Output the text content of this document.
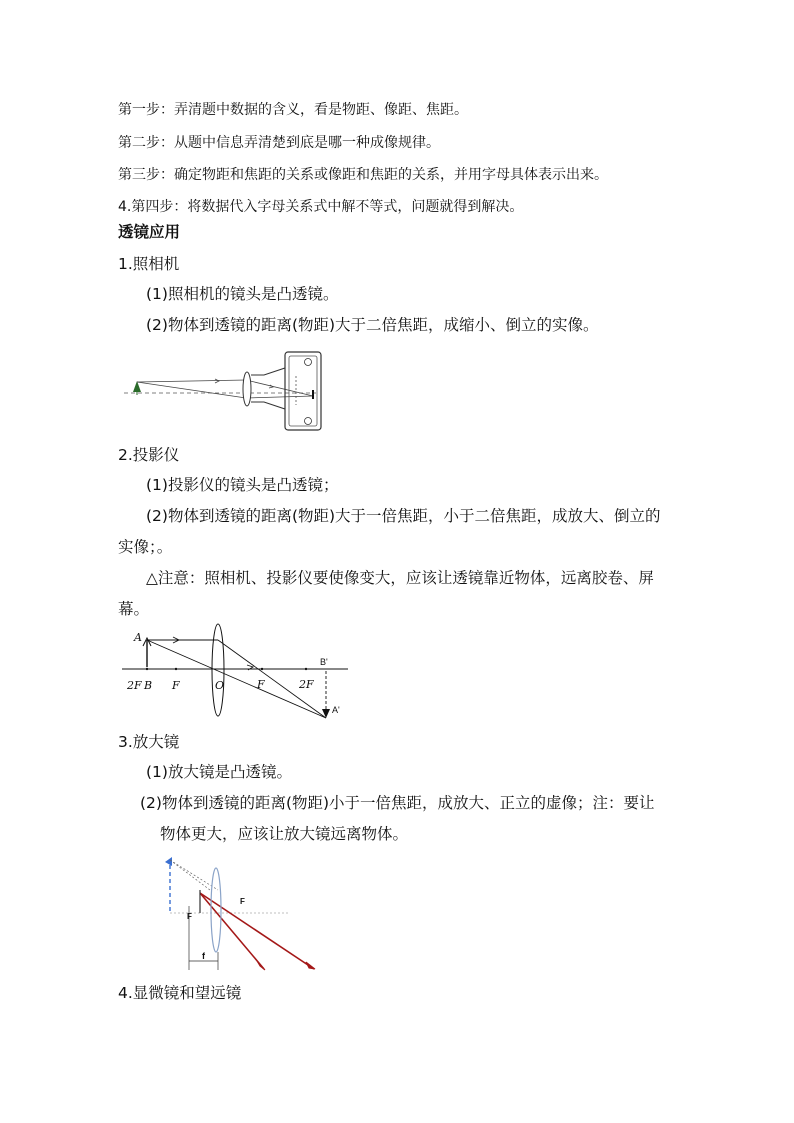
第一步：弄清题中数据的含义，看是物距、像距、焦距。
第二步：从题中信息弄清楚到底是哪一种成像规律。
第三步：确定物距和焦距的关系或像距和焦距的关系，并用字母具体表示出来。
4.第四步：将数据代入字母关系式中解不等式，问题就得到解决。
透镜应用
1.照相机
(1)照相机的镜头是凸透镜。
(2)物体到透镜的距离(物距)大于二倍焦距，成缩小、倒立的实像。
2.投影仪
(1)投影仪的镜头是凸透镜；
(2)物体到透镜的距离(物距)大于一倍焦距，小于二倍焦距，成放大、倒立的
实像；。
△注意：照相机、投影仪要使像变大，应该让透镜靠近物体，远离胶卷、屏
幕。
A
2F B F	O	F	2F
B'
A'
3.放大镜
(1)放大镜是凸透镜。
(2)物体到透镜的距离(物距)小于一倍焦距，成放大、正立的虚像；注：要让
物体更大，应该让放大镜远离物体。
F
F
f
4.显微镜和望远镜
